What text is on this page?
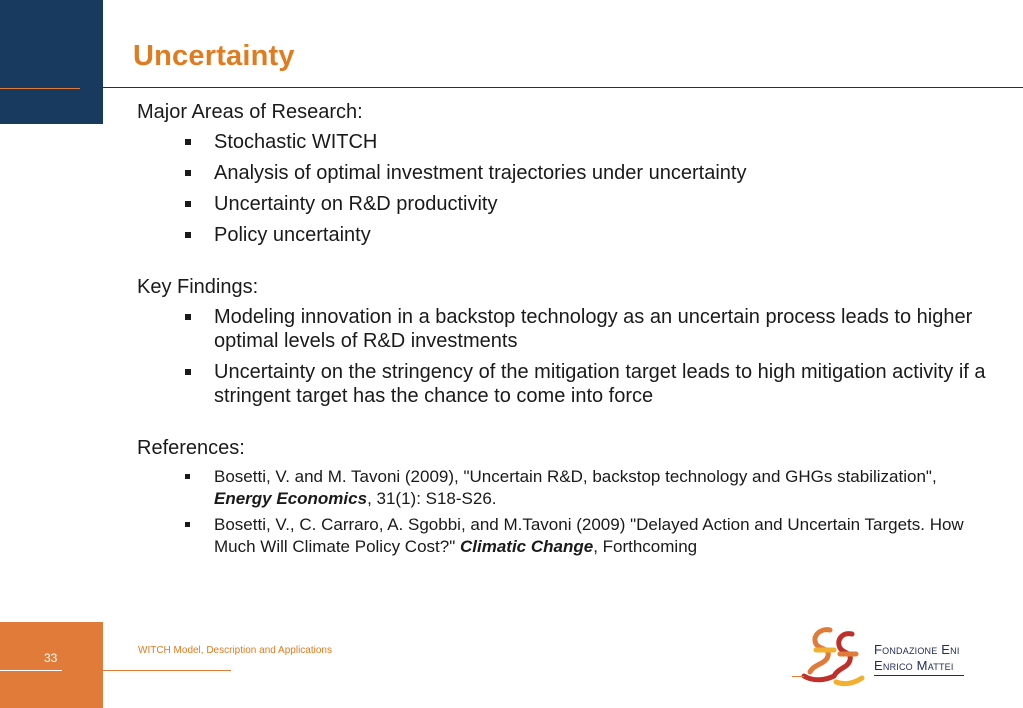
Uncertainty
Major Areas of Research:
Stochastic WITCH
Analysis of optimal investment trajectories under uncertainty
Uncertainty on R&D productivity
Policy uncertainty
Key Findings:
Modeling innovation in a backstop technology as an uncertain process leads to higher optimal levels of R&D investments
Uncertainty on the stringency of the mitigation target leads to high mitigation activity if a stringent target has the chance to come into force
References:
Bosetti, V. and M. Tavoni (2009), "Uncertain R&D, backstop technology and GHGs stabilization", Energy Economics, 31(1): S18-S26.
Bosetti, V., C. Carraro, A. Sgobbi, and M.Tavoni (2009) "Delayed Action and Uncertain Targets. How Much Will Climate Policy Cost?" Climatic Change, Forthcoming
33
WITCH Model, Description and Applications	Fondazione Eni
Enrico Mattei
